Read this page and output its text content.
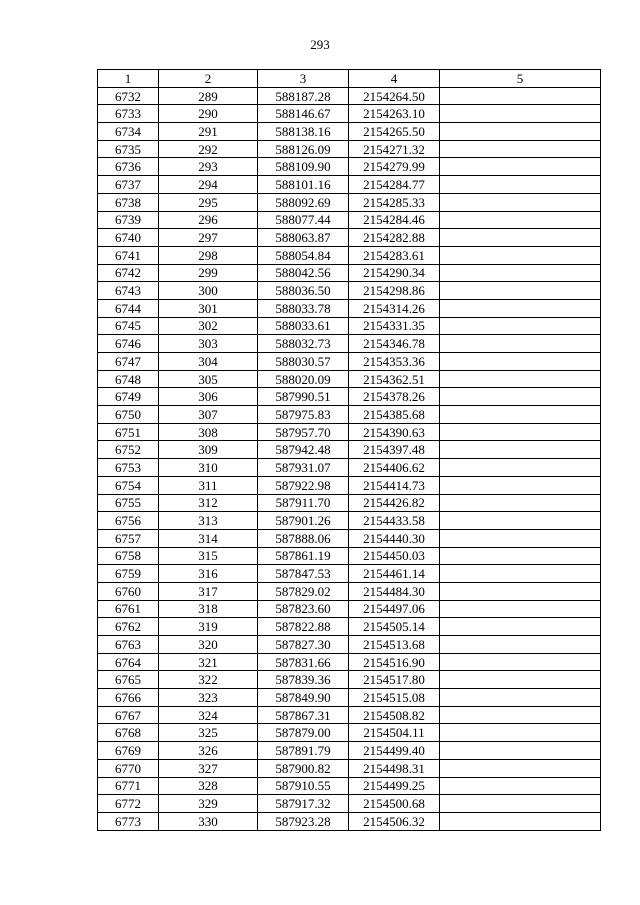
293
1	2	3	4	5
6732	289	588187.28	2154264.50	
6733	290	588146.67	2154263.10	
6734	291	588138.16	2154265.50	
6735	292	588126.09	2154271.32	
6736	293	588109.90	2154279.99	
6737	294	588101.16	2154284.77	
6738	295	588092.69	2154285.33	
6739	296	588077.44	2154284.46	
6740	297	588063.87	2154282.88	
6741	298	588054.84	2154283.61	
6742	299	588042.56	2154290.34	
6743	300	588036.50	2154298.86	
6744	301	588033.78	2154314.26	
6745	302	588033.61	2154331.35	
6746	303	588032.73	2154346.78	
6747	304	588030.57	2154353.36	
6748	305	588020.09	2154362.51	
6749	306	587990.51	2154378.26	
6750	307	587975.83	2154385.68	
6751	308	587957.70	2154390.63	
6752	309	587942.48	2154397.48	
6753	310	587931.07	2154406.62	
6754	311	587922.98	2154414.73	
6755	312	587911.70	2154426.82	
6756	313	587901.26	2154433.58	
6757	314	587888.06	2154440.30	
6758	315	587861.19	2154450.03	
6759	316	587847.53	2154461.14	
6760	317	587829.02	2154484.30	
6761	318	587823.60	2154497.06	
6762	319	587822.88	2154505.14	
6763	320	587827.30	2154513.68	
6764	321	587831.66	2154516.90	
6765	322	587839.36	2154517.80	
6766	323	587849.90	2154515.08	
6767	324	587867.31	2154508.82	
6768	325	587879.00	2154504.11	
6769	326	587891.79	2154499.40	
6770	327	587900.82	2154498.31	
6771	328	587910.55	2154499.25	
6772	329	587917.32	2154500.68	
6773	330	587923.28	2154506.32	
